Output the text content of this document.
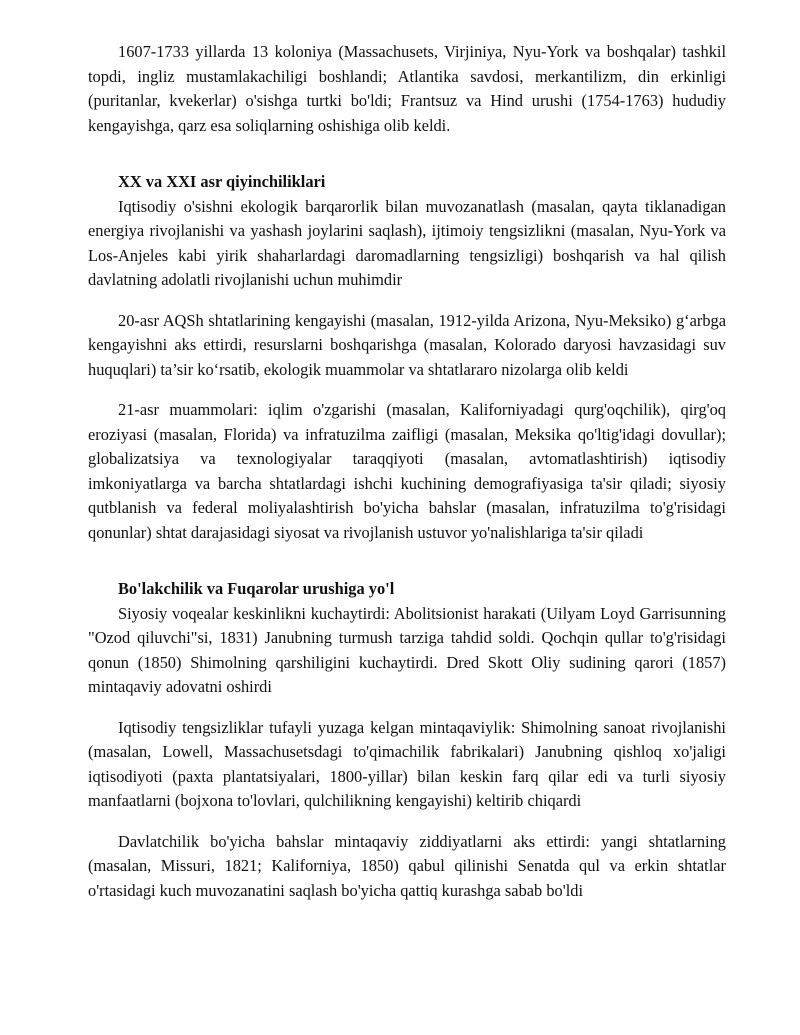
1607-1733 yillarda 13 koloniya (Massachusets, Virjiniya, Nyu-York va boshqalar) tashkil topdi, ingliz mustamlakachiligi boshlandi; Atlantika savdosi, merkantilizm, din erkinligi (puritanlar, kvekerlar) o'sishga turtki bo'ldi; Frantsuz va Hind urushi (1754-1763) hududiy kengayishga, qarz esa soliqlarning oshishiga olib keldi.

XX va XXI asr qiyinchiliklari

Iqtisodiy o'sishni ekologik barqarorlik bilan muvozanatlash (masalan, qayta tiklanadigan energiya rivojlanishi va yashash joylarini saqlash), ijtimoiy tengsizlikni (masalan, Nyu-York va Los-Anjeles kabi yirik shaharlardagi daromadlarning tengsizligi) boshqarish va hal qilish davlatning adolatli rivojlanishi uchun muhimdir

20-asr AQSh shtatlarining kengayishi (masalan, 1912-yilda Arizona, Nyu-Meksiko) g‘arbga kengayishni aks ettirdi, resurslarni boshqarishga (masalan, Kolorado daryosi havzasidagi suv huquqlari) ta’sir ko‘rsatib, ekologik muammolar va shtatlararo nizolarga olib keldi

21-asr muammolari: iqlim o'zgarishi (masalan, Kaliforniyadagi qurg'oqchilik), qirg'oq eroziyasi (masalan, Florida) va infratuzilma zaifligi (masalan, Meksika qo'ltig'idagi dovullar); globalizatsiya va texnologiyalar taraqqiyoti (masalan, avtomatlashtirish) iqtisodiy imkoniyatlarga va barcha shtatlardagi ishchi kuchining demografiyasiga ta'sir qiladi; siyosiy qutblanish va federal moliyalashtirish bo'yicha bahslar (masalan, infratuzilma to'g'risidagi qonunlar) shtat darajasidagi siyosat va rivojlanish ustuvor yo'nalishlariga ta'sir qiladi

Bo'lakchilik va Fuqarolar urushiga yo'l

Siyosiy voqealar keskinlikni kuchaytirdi: Abolitsionist harakati (Uilyam Loyd Garrisunning "Ozod qiluvchi"si, 1831) Janubning turmush tarziga tahdid soldi. Qochqin qullar to'g'risidagi qonun (1850) Shimolning qarshiligini kuchaytirdi. Dred Skott Oliy sudining qarori (1857) mintaqaviy adovatni oshirdi

Iqtisodiy tengsizliklar tufayli yuzaga kelgan mintaqaviylik: Shimolning sanoat rivojlanishi (masalan, Lowell, Massachusetsdagi to'qimachilik fabrikalari) Janubning qishloq xo'jaligi iqtisodiyoti (paxta plantatsiyalari, 1800-yillar) bilan keskin farq qilar edi va turli siyosiy manfaatlarni (bojxona to'lovlari, qulchilikning kengayishi) keltirib chiqardi

Davlatchilik bo'yicha bahslar mintaqaviy ziddiyatlarni aks ettirdi: yangi shtatlarning (masalan, Missuri, 1821; Kaliforniya, 1850) qabul qilinishi Senatda qul va erkin shtatlar o'rtasidagi kuch muvozanatini saqlash bo'yicha qattiq kurashga sabab bo'ldi
